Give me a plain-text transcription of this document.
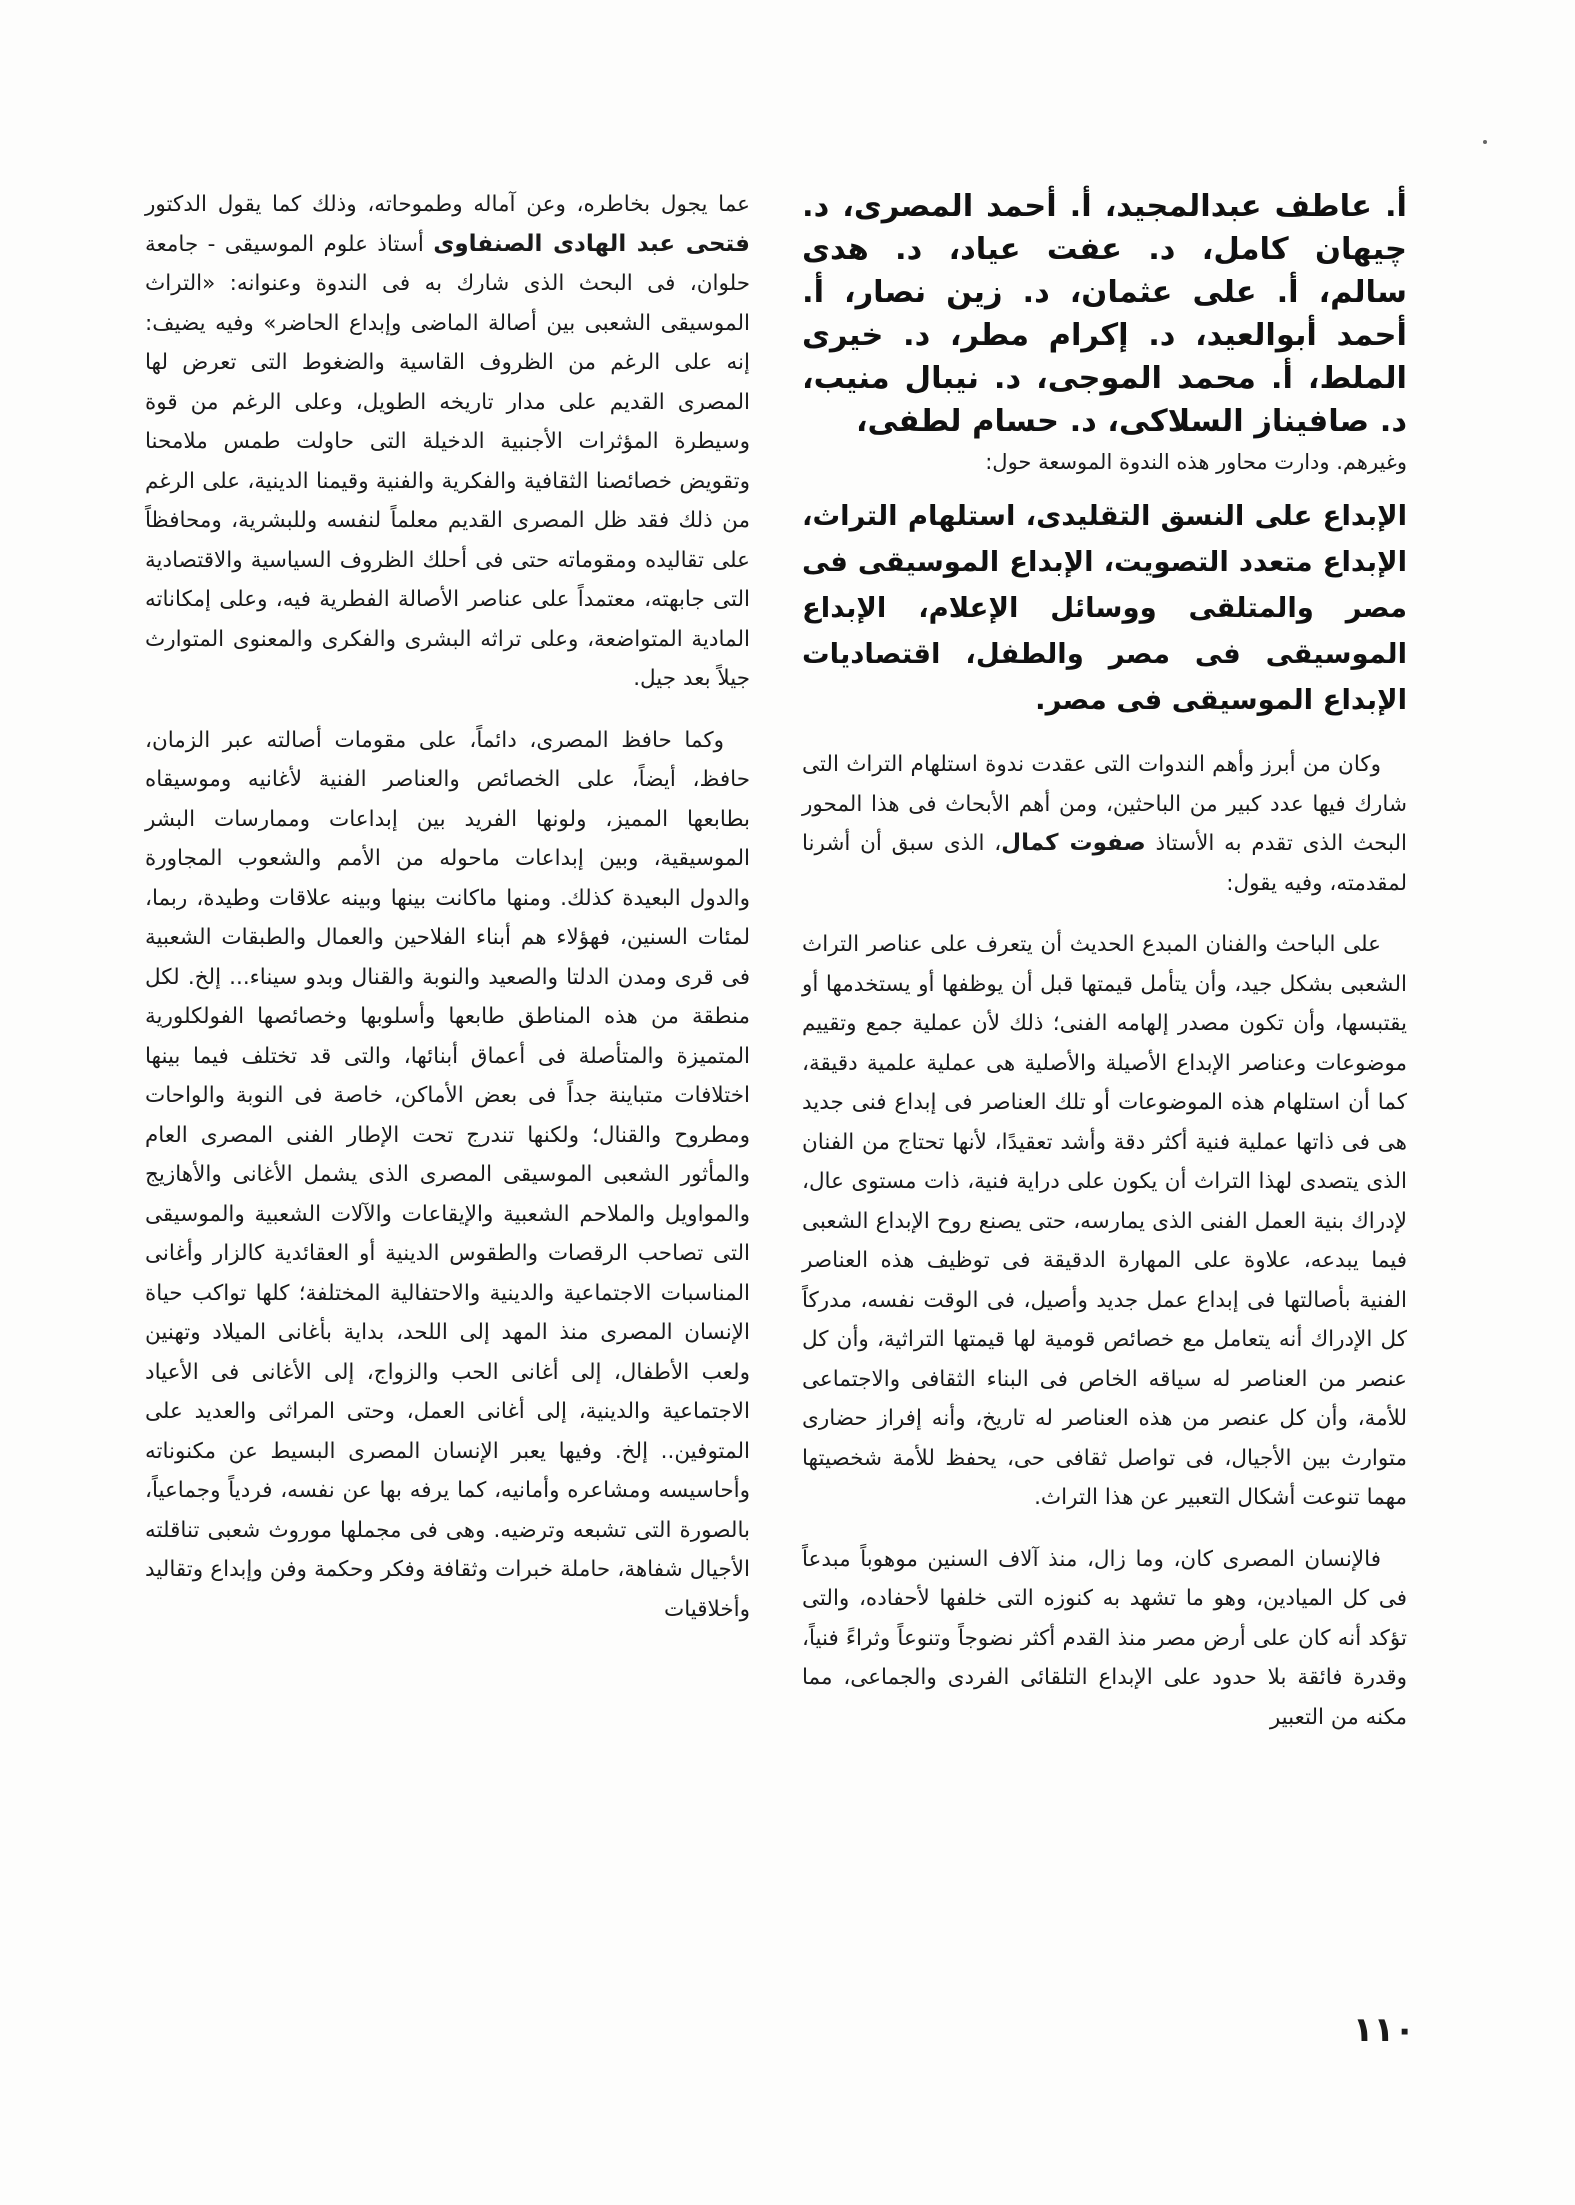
أ. عاطف عبدالمجيد، أ. أحمد المصرى، د. چيهان كامل، د. عفت عياد، د. هدى سالم، أ. على عثمان، د. زين نصار، أ. أحمد أبوالعيد، د. إكرام مطر، د. خيرى الملط، أ. محمد الموجى، د. نيبال منيب، د. صافيناز السلاكى، د. حسام لطفى،

وغيرهم. ودارت محاور هذه الندوة الموسعة حول:

الإبداع على النسق التقليدى، استلهام التراث، الإبداع متعدد التصويت، الإبداع الموسيقى فى مصر والمتلقى ووسائل الإعلام، الإبداع الموسيقى فى مصر والطفل، اقتصاديات الإبداع الموسيقى فى مصر.

وكان من أبرز وأهم الندوات التى عقدت ندوة استلهام التراث التى شارك فيها عدد كبير من الباحثين، ومن أهم الأبحاث فى هذا المحور البحث الذى تقدم به الأستاذ صفوت كمال، الذى سبق أن أشرنا لمقدمته، وفيه يقول:

على الباحث والفنان المبدع الحديث أن يتعرف على عناصر التراث الشعبى بشكل جيد، وأن يتأمل قيمتها قبل أن يوظفها أو يستخدمها أو يقتبسها، وأن تكون مصدر إلهامه الفنى؛ ذلك لأن عملية جمع وتقييم موضوعات وعناصر الإبداع الأصيلة والأصلية هى عملية علمية دقيقة، كما أن استلهام هذه الموضوعات أو تلك العناصر فى إبداع فنى جديد هى فى ذاتها عملية فنية أكثر دقة وأشد تعقيدًا، لأنها تحتاج من الفنان الذى يتصدى لهذا التراث أن يكون على دراية فنية، ذات مستوى عال، لإدراك بنية العمل الفنى الذى يمارسه، حتى يصنع روح الإبداع الشعبى فيما يبدعه، علاوة على المهارة الدقيقة فى توظيف هذه العناصر الفنية بأصالتها فى إبداع عمل جديد وأصيل، فى الوقت نفسه، مدركاً كل الإدراك أنه يتعامل مع خصائص قومية لها قيمتها التراثية، وأن كل عنصر من العناصر له سياقه الخاص فى البناء الثقافى والاجتماعى للأمة، وأن كل عنصر من هذه العناصر له تاريخ، وأنه إفراز حضارى متوارث بين الأجيال، فى تواصل ثقافى حى، يحفظ للأمة شخصيتها مهما تنوعت أشكال التعبير عن هذا التراث.

فالإنسان المصرى كان، وما زال، منذ آلاف السنين موهوباً مبدعاً فى كل الميادين، وهو ما تشهد به كنوزه التى خلفها لأحفاده، والتى تؤكد أنه كان على أرض مصر منذ القدم أكثر نضوجاً وتنوعاً وثراءً فنياً، وقدرة فائقة بلا حدود على الإبداع التلقائى الفردى والجماعى، مما مكنه من التعبير

عما يجول بخاطره، وعن آماله وطموحاته، وذلك كما يقول الدكتور فتحى عبد الهادى الصنفاوى أستاذ علوم الموسيقى - جامعة حلوان، فى البحث الذى شارك به فى الندوة وعنوانه: «التراث الموسيقى الشعبى بين أصالة الماضى وإبداع الحاضر» وفيه يضيف: إنه على الرغم من الظروف القاسية والضغوط التى تعرض لها المصرى القديم على مدار تاريخه الطويل، وعلى الرغم من قوة وسيطرة المؤثرات الأجنبية الدخيلة التى حاولت طمس ملامحنا وتقويض خصائصنا الثقافية والفكرية والفنية وقيمنا الدينية، على الرغم من ذلك فقد ظل المصرى القديم معلماً لنفسه وللبشرية، ومحافظاً على تقاليده ومقوماته حتى فى أحلك الظروف السياسية والاقتصادية التى جابهته، معتمداً على عناصر الأصالة الفطرية فيه، وعلى إمكاناته المادية المتواضعة، وعلى تراثه البشرى والفكرى والمعنوى المتوارث جيلاً بعد جيل.

وكما حافظ المصرى، دائماً، على مقومات أصالته عبر الزمان، حافظ، أيضاً، على الخصائص والعناصر الفنية لأغانيه وموسيقاه بطابعها المميز، ولونها الفريد بين إبداعات وممارسات البشر الموسيقية، وبين إبداعات ماحوله من الأمم والشعوب المجاورة والدول البعيدة كذلك. ومنها ماكانت بينها وبينه علاقات وطيدة، ربما، لمئات السنين، فهؤلاء هم أبناء الفلاحين والعمال والطبقات الشعبية فى قرى ومدن الدلتا والصعيد والنوبة والقنال وبدو سيناء... إلخ. لكل منطقة من هذه المناطق طابعها وأسلوبها وخصائصها الفولكلورية المتميزة والمتأصلة فى أعماق أبنائها، والتى قد تختلف فيما بينها اختلافات متباينة جداً فى بعض الأماكن، خاصة فى النوبة والواحات ومطروح والقنال؛ ولكنها تندرج تحت الإطار الفنى المصرى العام والمأثور الشعبى الموسيقى المصرى الذى يشمل الأغانى والأهازيج والمواويل والملاحم الشعبية والإيقاعات والآلات الشعبية والموسيقى التى تصاحب الرقصات والطقوس الدينية أو العقائدية كالزار وأغانى المناسبات الاجتماعية والدينية والاحتفالية المختلفة؛ كلها تواكب حياة الإنسان المصرى منذ المهد إلى اللحد، بداية بأغانى الميلاد وتهنين ولعب الأطفال، إلى أغانى الحب والزواج، إلى الأغانى فى الأعياد الاجتماعية والدينية، إلى أغانى العمل، وحتى المراثى والعديد على المتوفين.. إلخ. وفيها يعبر الإنسان المصرى البسيط عن مكنوناته وأحاسيسه ومشاعره وأمانيه، كما يرفه بها عن نفسه، فردياً وجماعياً، بالصورة التى تشبعه وترضيه. وهى فى مجملها موروث شعبى تناقلته الأجيال شفاهة، حاملة خبرات وثقافة وفكر وحكمة وفن وإبداع وتقاليد وأخلاقيات

١١٠
